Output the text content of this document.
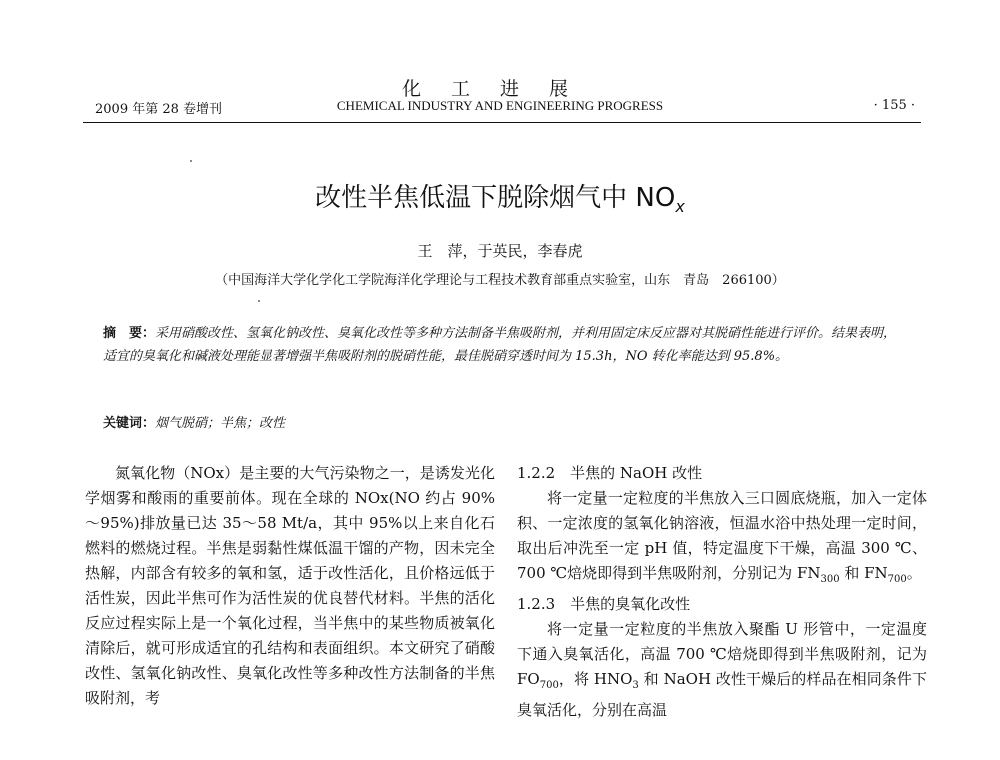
化工进展
2009 年第 28 卷增刊	CHEMICAL INDUSTRY AND ENGINEERING PROGRESS	· 155 ·
改性半焦低温下脱除烟气中 $NO_x$
王　萍，于英民，李春虎
（中国海洋大学化学化工学院海洋化学理论与工程技术教育部重点实验室，山东　青岛　266100）
摘　要：采用硝酸改性、氢氧化钠改性、臭氧化改性等多种方法制备半焦吸附剂，并利用固定床反应器对其脱硝性能进行评价。结果表明，适宜的臭氧化和碱液处理能显著增强半焦吸附剂的脱硝性能，最佳脱硝穿透时间为 15.3h，NO 转化率能达到 95.8%。
关键词：烟气脱硝；半焦；改性

氮氧化物（NOx）是主要的大气污染物之一，是诱发光化学烟雾和酸雨的重要前体。现在全球的 NOx(NO 约占 90%～95%)排放量已达 35～58 Mt/a，其中 95%以上来自化石燃料的燃烧过程。半焦是弱黏性煤低温干馏的产物，因未完全热解，内部含有较多的氧和氢，适于改性活化，且价格远低于活性炭，因此半焦可作为活性炭的优良替代材料。半焦的活化反应过程实际上是一个氧化过程，当半焦中的某些物质被氧化清除后，就可形成适宜的孔结构和表面组织。本文研究了硝酸改性、氢氧化钠改性、臭氧化改性等多种改性方法制备的半焦吸附剂，考

1.2.2　半焦的 NaOH 改性

将一定量一定粒度的半焦放入三口圆底烧瓶，加入一定体积、一定浓度的氢氧化钠溶液，恒温水浴中热处理一定时间，取出后冲洗至一定 pH 值，特定温度下干燥，高温 300 ℃、700 ℃焙烧即得到半焦吸附剂，分别记为 $FN_{300}$ 和 $FN_{700}$。

1.2.3　半焦的臭氧化改性

将一定量一定粒度的半焦放入聚酯 U 形管中，一定温度下通入臭氧活化，高温 700 ℃焙烧即得到半焦吸附剂，记为 $FO_{700}$，将 $HNO_3$ 和 NaOH 改性干燥后的样品在相同条件下臭氧活化，分别在高温
